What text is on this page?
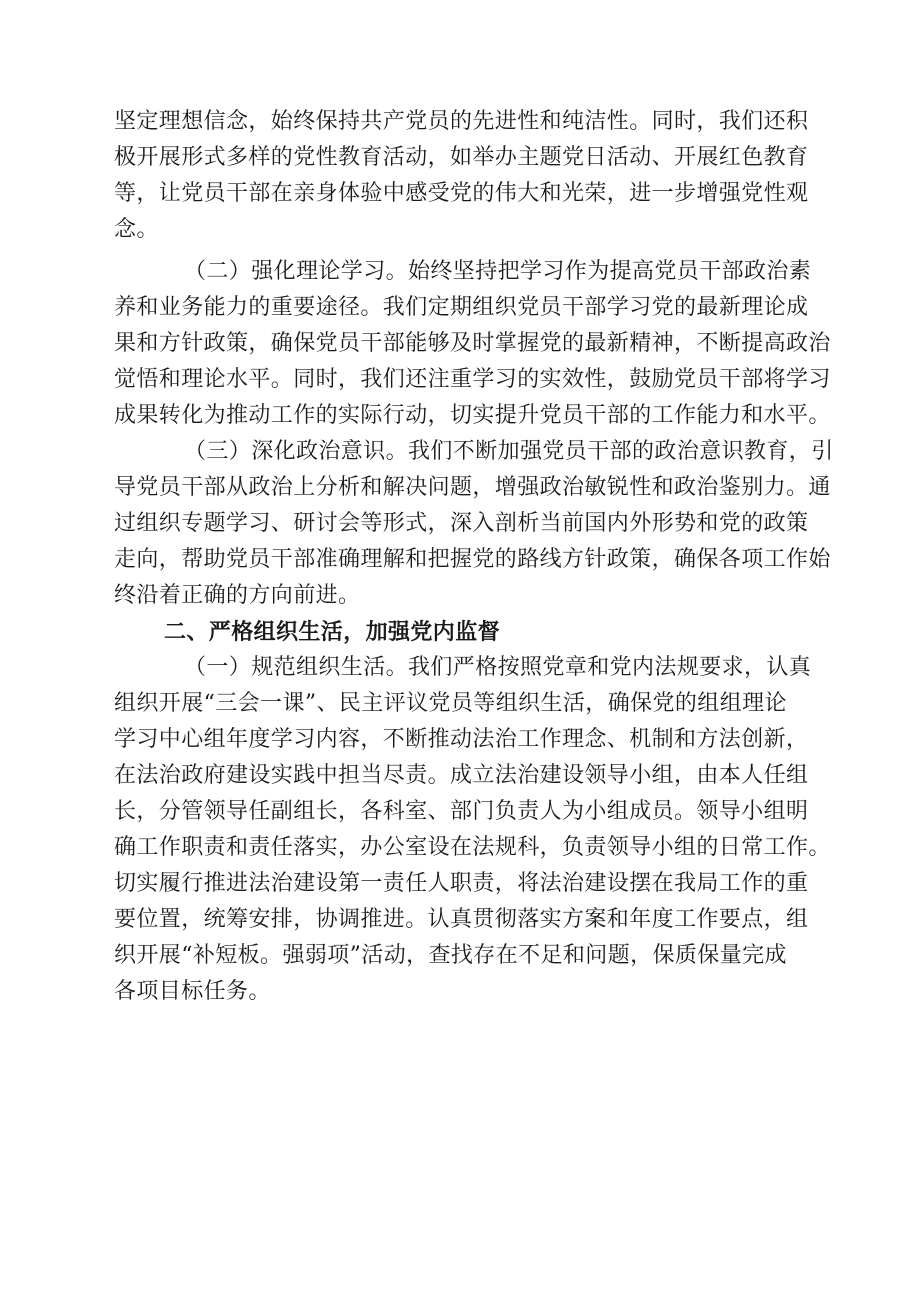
坚定理想信念，始终保持共产党员的先进性和纯洁性。同时，我们还积
极开展形式多样的党性教育活动，如举办主题党日活动、开展红色教育
等，让党员干部在亲身体验中感受党的伟大和光荣，进一步增强党性观
念。
（二）强化理论学习。始终坚持把学习作为提高党员干部政治素
养和业务能力的重要途径。我们定期组织党员干部学习党的最新理论成
果和方针政策，确保党员干部能够及时掌握党的最新精神，不断提高政治
觉悟和理论水平。同时，我们还注重学习的实效性，鼓励党员干部将学习
成果转化为推动工作的实际行动，切实提升党员干部的工作能力和水平。
（三）深化政治意识。我们不断加强党员干部的政治意识教育，引
导党员干部从政治上分析和解决问题，增强政治敏锐性和政治鉴别力。通
过组织专题学习、研讨会等形式，深入剖析当前国内外形势和党的政策
走向，帮助党员干部准确理解和把握党的路线方针政策，确保各项工作始
终沿着正确的方向前进。
二、严格组织生活，加强党内监督
（一）规范组织生活。我们严格按照党章和党内法规要求，认真
组织开展“三会一课”、民主评议党员等组织生活，确保党的组组理论
学习中心组年度学习内容，不断推动法治工作理念、机制和方法创新，
在法治政府建设实践中担当尽责。成立法治建设领导小组，由本人任组
长，分管领导任副组长，各科室、部门负责人为小组成员。领导小组明
确工作职责和责任落实，办公室设在法规科，负责领导小组的日常工作。
切实履行推进法治建设第一责任人职责，将法治建设摆在我局工作的重
要位置，统筹安排，协调推进。认真贯彻落实方案和年度工作要点，组
织开展“补短板。强弱项”活动，查找存在不足和问题，保质保量完成
各项目标任务。
